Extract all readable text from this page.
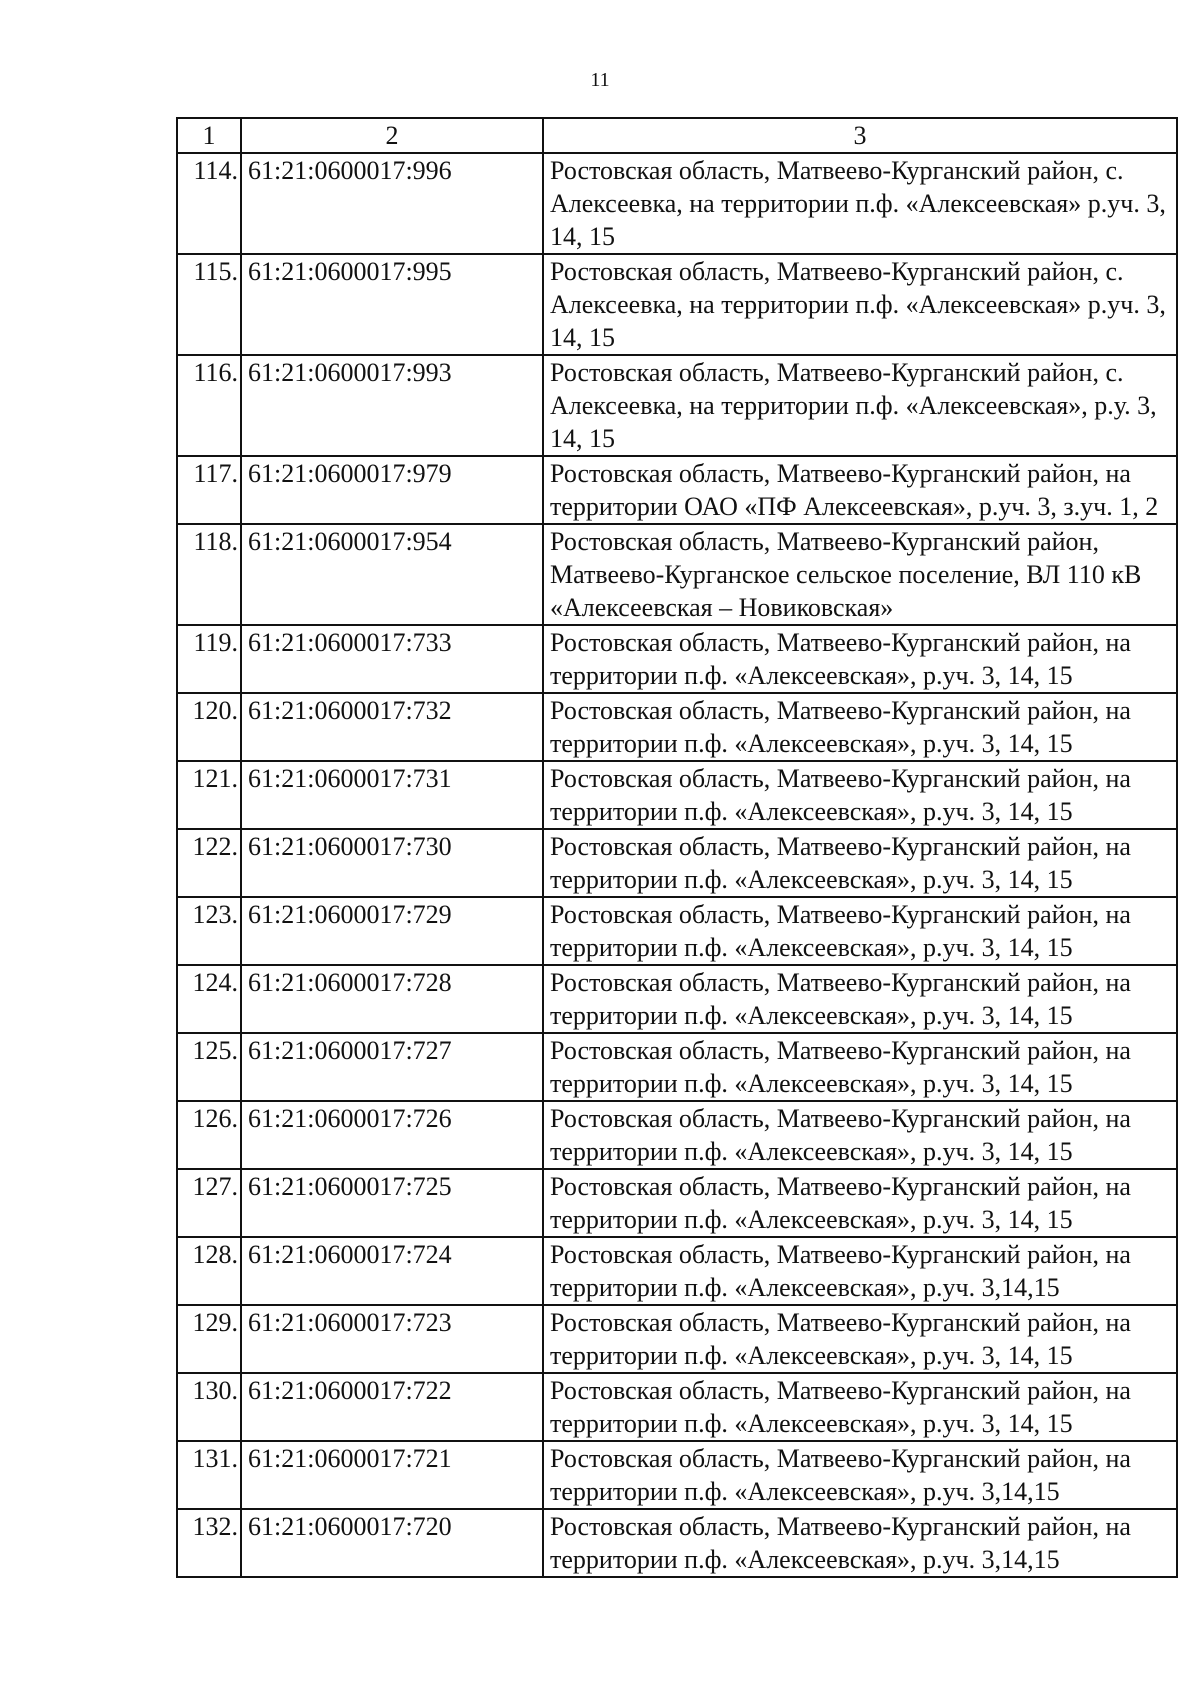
11
1	2	3
114.	61:21:0600017:996	Ростовская область, Матвеево-Курганский район, с. Алексеевка, на территории п.ф. «Алексеевская» р.уч. 3, 14, 15
115.	61:21:0600017:995	Ростовская область, Матвеево-Курганский район, с. Алексеевка, на территории п.ф. «Алексеевская» р.уч. 3, 14, 15
116.	61:21:0600017:993	Ростовская область, Матвеево-Курганский район, с. Алексеевка, на территории п.ф. «Алексеевская», р.у. 3, 14, 15
117.	61:21:0600017:979	Ростовская область, Матвеево-Курганский район, на территории ОАО «ПФ Алексеевская», р.уч. 3, з.уч. 1, 2
118.	61:21:0600017:954	Ростовская область, Матвеево-Курганский район, Матвеево-Курганское сельское поселение, ВЛ 110 кВ «Алексеевская – Новиковская»
119.	61:21:0600017:733	Ростовская область, Матвеево-Курганский район, на территории п.ф. «Алексеевская», р.уч. 3, 14, 15
120.	61:21:0600017:732	Ростовская область, Матвеево-Курганский район, на территории п.ф. «Алексеевская», р.уч. 3, 14, 15
121.	61:21:0600017:731	Ростовская область, Матвеево-Курганский район, на территории п.ф. «Алексеевская», р.уч. 3, 14, 15
122.	61:21:0600017:730	Ростовская область, Матвеево-Курганский район, на территории п.ф. «Алексеевская», р.уч. 3, 14, 15
123.	61:21:0600017:729	Ростовская область, Матвеево-Курганский район, на территории п.ф. «Алексеевская», р.уч. 3, 14, 15
124.	61:21:0600017:728	Ростовская область, Матвеево-Курганский район, на территории п.ф. «Алексеевская», р.уч. 3, 14, 15
125.	61:21:0600017:727	Ростовская область, Матвеево-Курганский район, на территории п.ф. «Алексеевская», р.уч. 3, 14, 15
126.	61:21:0600017:726	Ростовская область, Матвеево-Курганский район, на территории п.ф. «Алексеевская», р.уч. 3, 14, 15
127.	61:21:0600017:725	Ростовская область, Матвеево-Курганский район, на территории п.ф. «Алексеевская», р.уч. 3, 14, 15
128.	61:21:0600017:724	Ростовская область, Матвеево-Курганский район, на территории п.ф. «Алексеевская», р.уч. 3,14,15
129.	61:21:0600017:723	Ростовская область, Матвеево-Курганский район, на территории п.ф. «Алексеевская», р.уч. 3, 14, 15
130.	61:21:0600017:722	Ростовская область, Матвеево-Курганский район, на территории п.ф. «Алексеевская», р.уч. 3, 14, 15
131.	61:21:0600017:721	Ростовская область, Матвеево-Курганский район, на территории п.ф. «Алексеевская», р.уч. 3,14,15
132.	61:21:0600017:720	Ростовская область, Матвеево-Курганский район, на территории п.ф. «Алексеевская», р.уч. 3,14,15
